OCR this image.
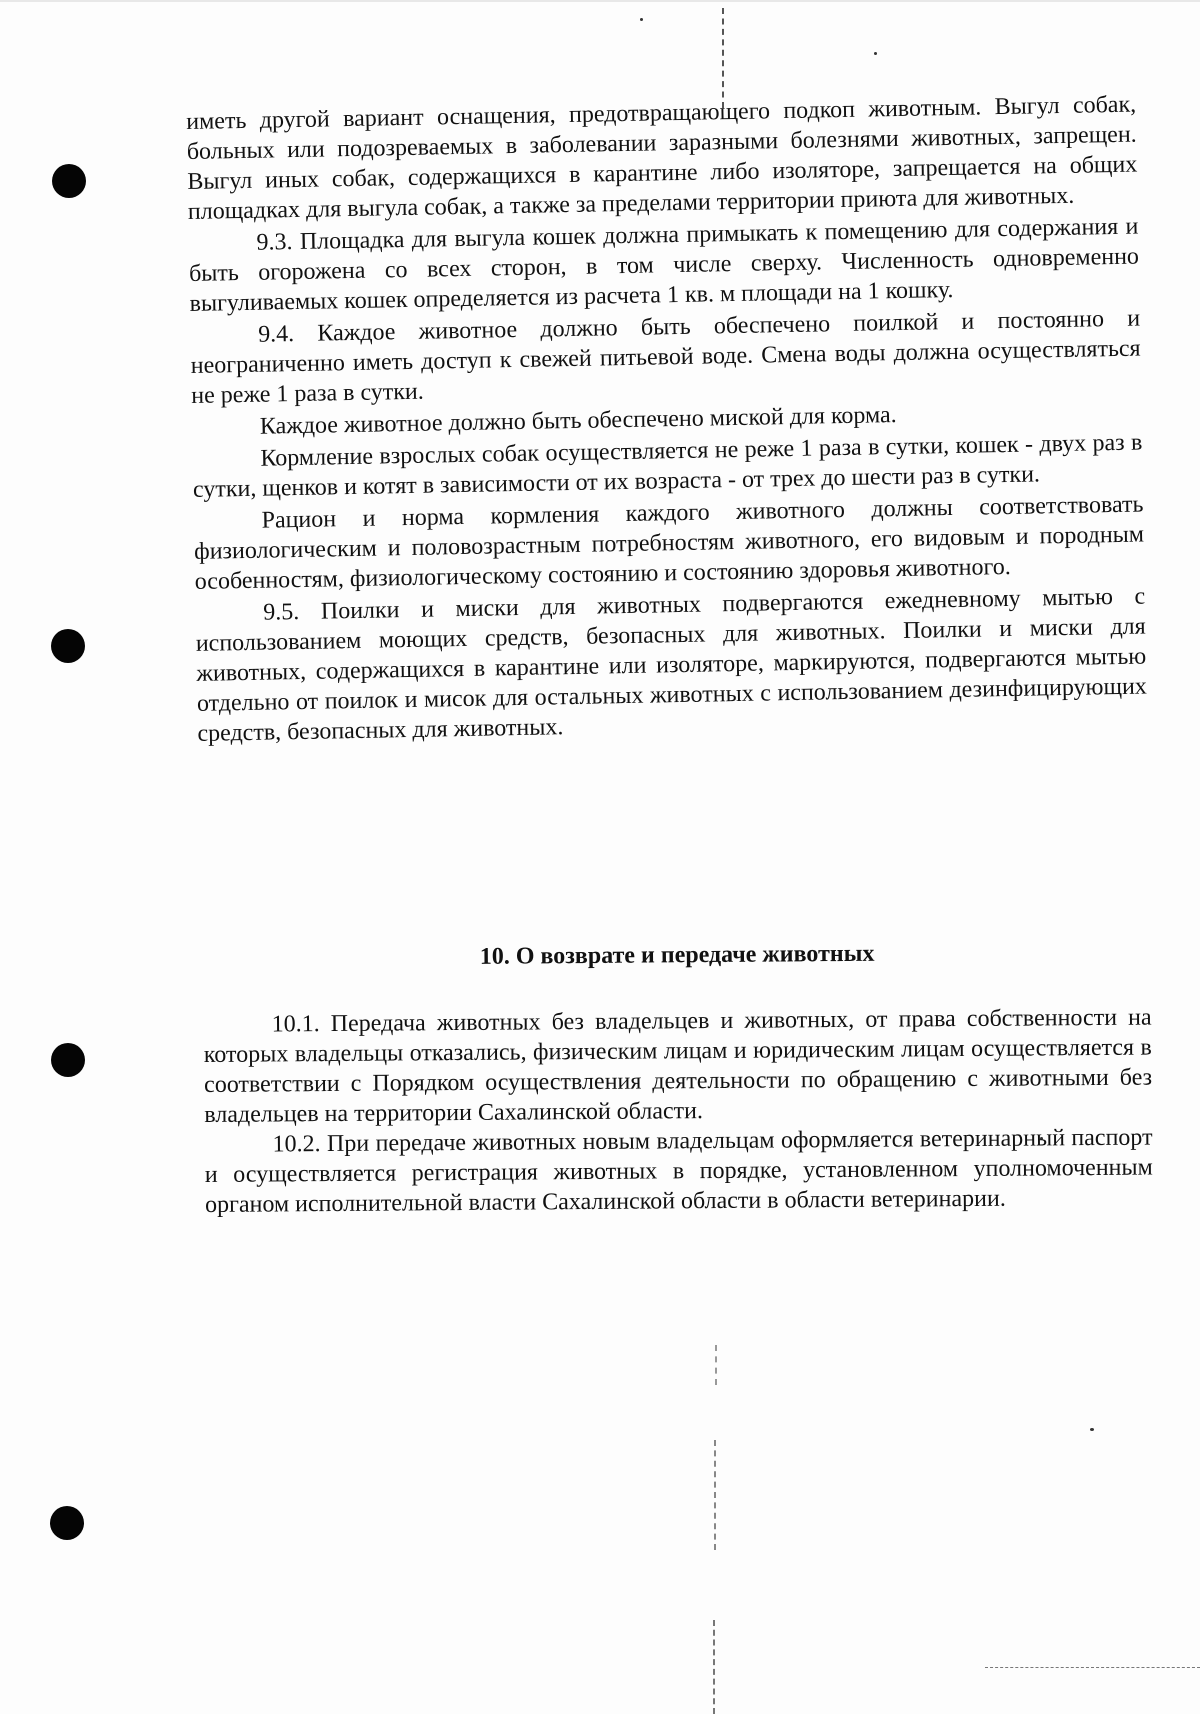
иметь другой вариант оснащения, предотвращающего подкоп животным. Выгул собак, больных или подозреваемых в заболевании заразными болезнями животных, запрещен. Выгул иных собак, содержащихся в карантине либо изоляторе, запрещается на общих площадках для выгула собак, а также за пределами территории приюта для животных.

9.3. Площадка для выгула кошек должна примыкать к помещению для содержания и быть огорожена со всех сторон, в том числе сверху. Численность одновременно выгуливаемых кошек определяется из расчета 1 кв. м площади на 1 кошку.

9.4. Каждое животное должно быть обеспечено поилкой и постоянно и неограниченно иметь доступ к свежей питьевой воде. Смена воды должна осуществляться не реже 1 раза в сутки.

Каждое животное должно быть обеспечено миской для корма.

Кормление взрослых собак осуществляется не реже 1 раза в сутки, кошек - двух раз в сутки, щенков и котят в зависимости от их возраста - от трех до шести раз в сутки.

Рацион и норма кормления каждого животного должны соответствовать физиологическим и половозрастным потребностям животного, его видовым и породным особенностям, физиологическому состоянию и состоянию здоровья животного.

9.5. Поилки и миски для животных подвергаются ежедневному мытью с использованием моющих средств, безопасных для животных. Поилки и миски для животных, содержащихся в карантине или изоляторе, маркируются, подвергаются мытью отдельно от поилок и мисок для остальных животных с использованием дезинфицирующих средств, безопасных для животных.

10. О возврате и передаче животных

10.1. Передача животных без владельцев и животных, от права собственности на которых владельцы отказались, физическим лицам и юридическим лицам осуществляется в соответствии с Порядком осуществления деятельности по обращению с животными без владельцев на территории Сахалинской области.

10.2. При передаче животных новым владельцам оформляется ветеринарный паспорт и осуществляется регистрация животных в порядке, установленном уполномоченным органом исполнительной власти Сахалинской области в области ветеринарии.
